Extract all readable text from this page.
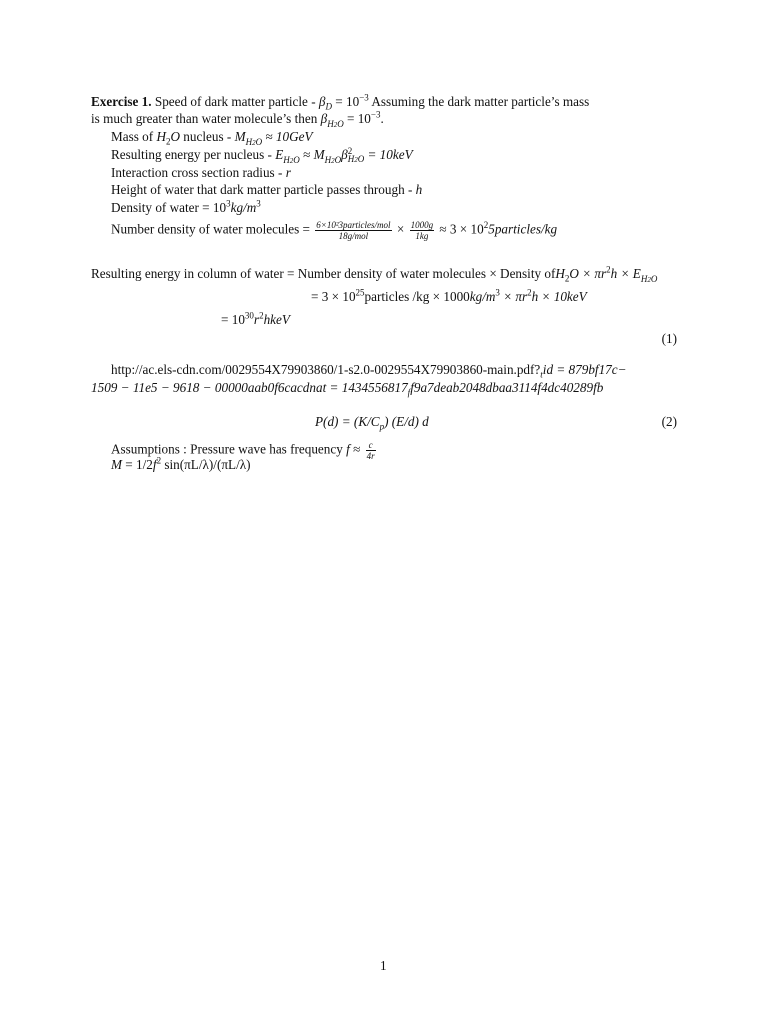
Exercise 1. Speed of dark matter particle - $\beta_D = 10^{-3}$ Assuming the dark matter particle’s mass
is much greater than water molecule’s then $\beta_{H2O} = 10^{-3}$.
Mass of $H_2O$ nucleus - $M_{H2O} \approx 10GeV$
Resulting energy per nucleus - $E_{H2O} \approx M_{H2O}\beta$ 2
H2O = 10keV
Interaction cross section radius - r
Height of water that dark matter particle passes through - h
Density of water = $10^3kg/m^3$
Number density of water molecules = $\frac{\text{6×10²3particles/mol}}{\text{18g/mol}} \times \frac{1000g}{1kg} \approx 3$ × $10^25particles/kg$
Resulting energy in column of water = Number density of water molecules × Density $ofH_2O \times \pi r^2h \times E_{H2O}$
= $3 \times 10^{25}particles$ $/kg \times 1000kg/m^3 \times \pi r^2h \times 10keV$
= $10^{30}r^2hkeV$
(1)
$http://ac.els-cdn.com/0029554X79903860/1-s2.0-0029554X79903860-main.pdf?_tid = 879bf17c-$
1509 − 11e5 − 9618 − 00000aab0f6cacdnat = $1434556817_ff9a7deab2048dbaa3114f4dc40289fb$
$P(d) = (K/C_p)$ (E/d) d	(2)
Assumptions : Pressure wave has frequency $f \approx \frac{c}{4r}$
$M = 1/2f^2$ sin(πL/λ)/(πL/λ)
1
